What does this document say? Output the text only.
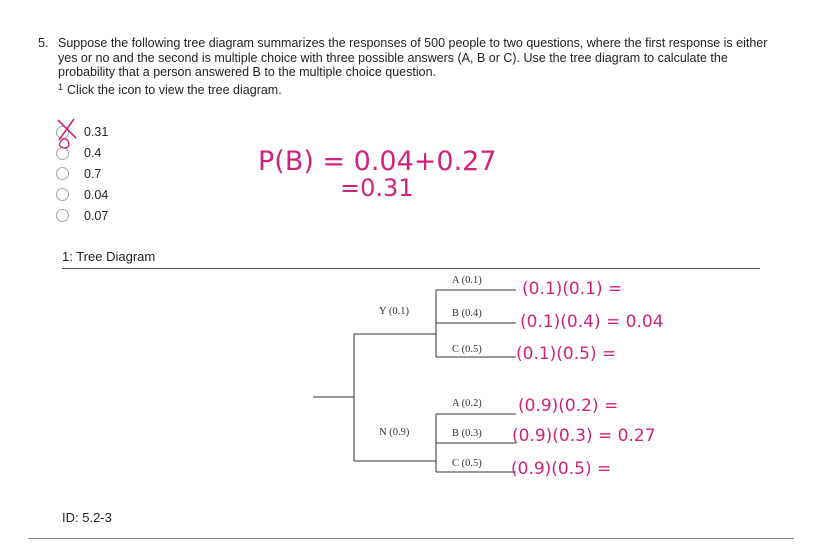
5. Suppose the following tree diagram summarizes the responses of 500 people to two questions, where the first response is either yes or no and the second is multiple choice with three possible answers (A, B or C). Use the tree diagram to calculate the probability that a person answered B to the multiple choice question.
$^1$ Click the icon to view the tree diagram.
0.31
0.4
0.7
0.04
0.07
1: Tree Diagram
Y (0.1)
N (0.9)
A (0.1)
B (0.4)
C (0.5)
A (0.2)
B (0.3)
C (0.5)
P(B) = 0.04+0.27
=0.31
(0.1)(0.1) =
(0.1)(0.4) = 0.04
(0.1)(0.5) =
(0.9)(0.2) =
(0.9)(0.3) = 0.27
(0.9)(0.5) =
ID: 5.2-3
